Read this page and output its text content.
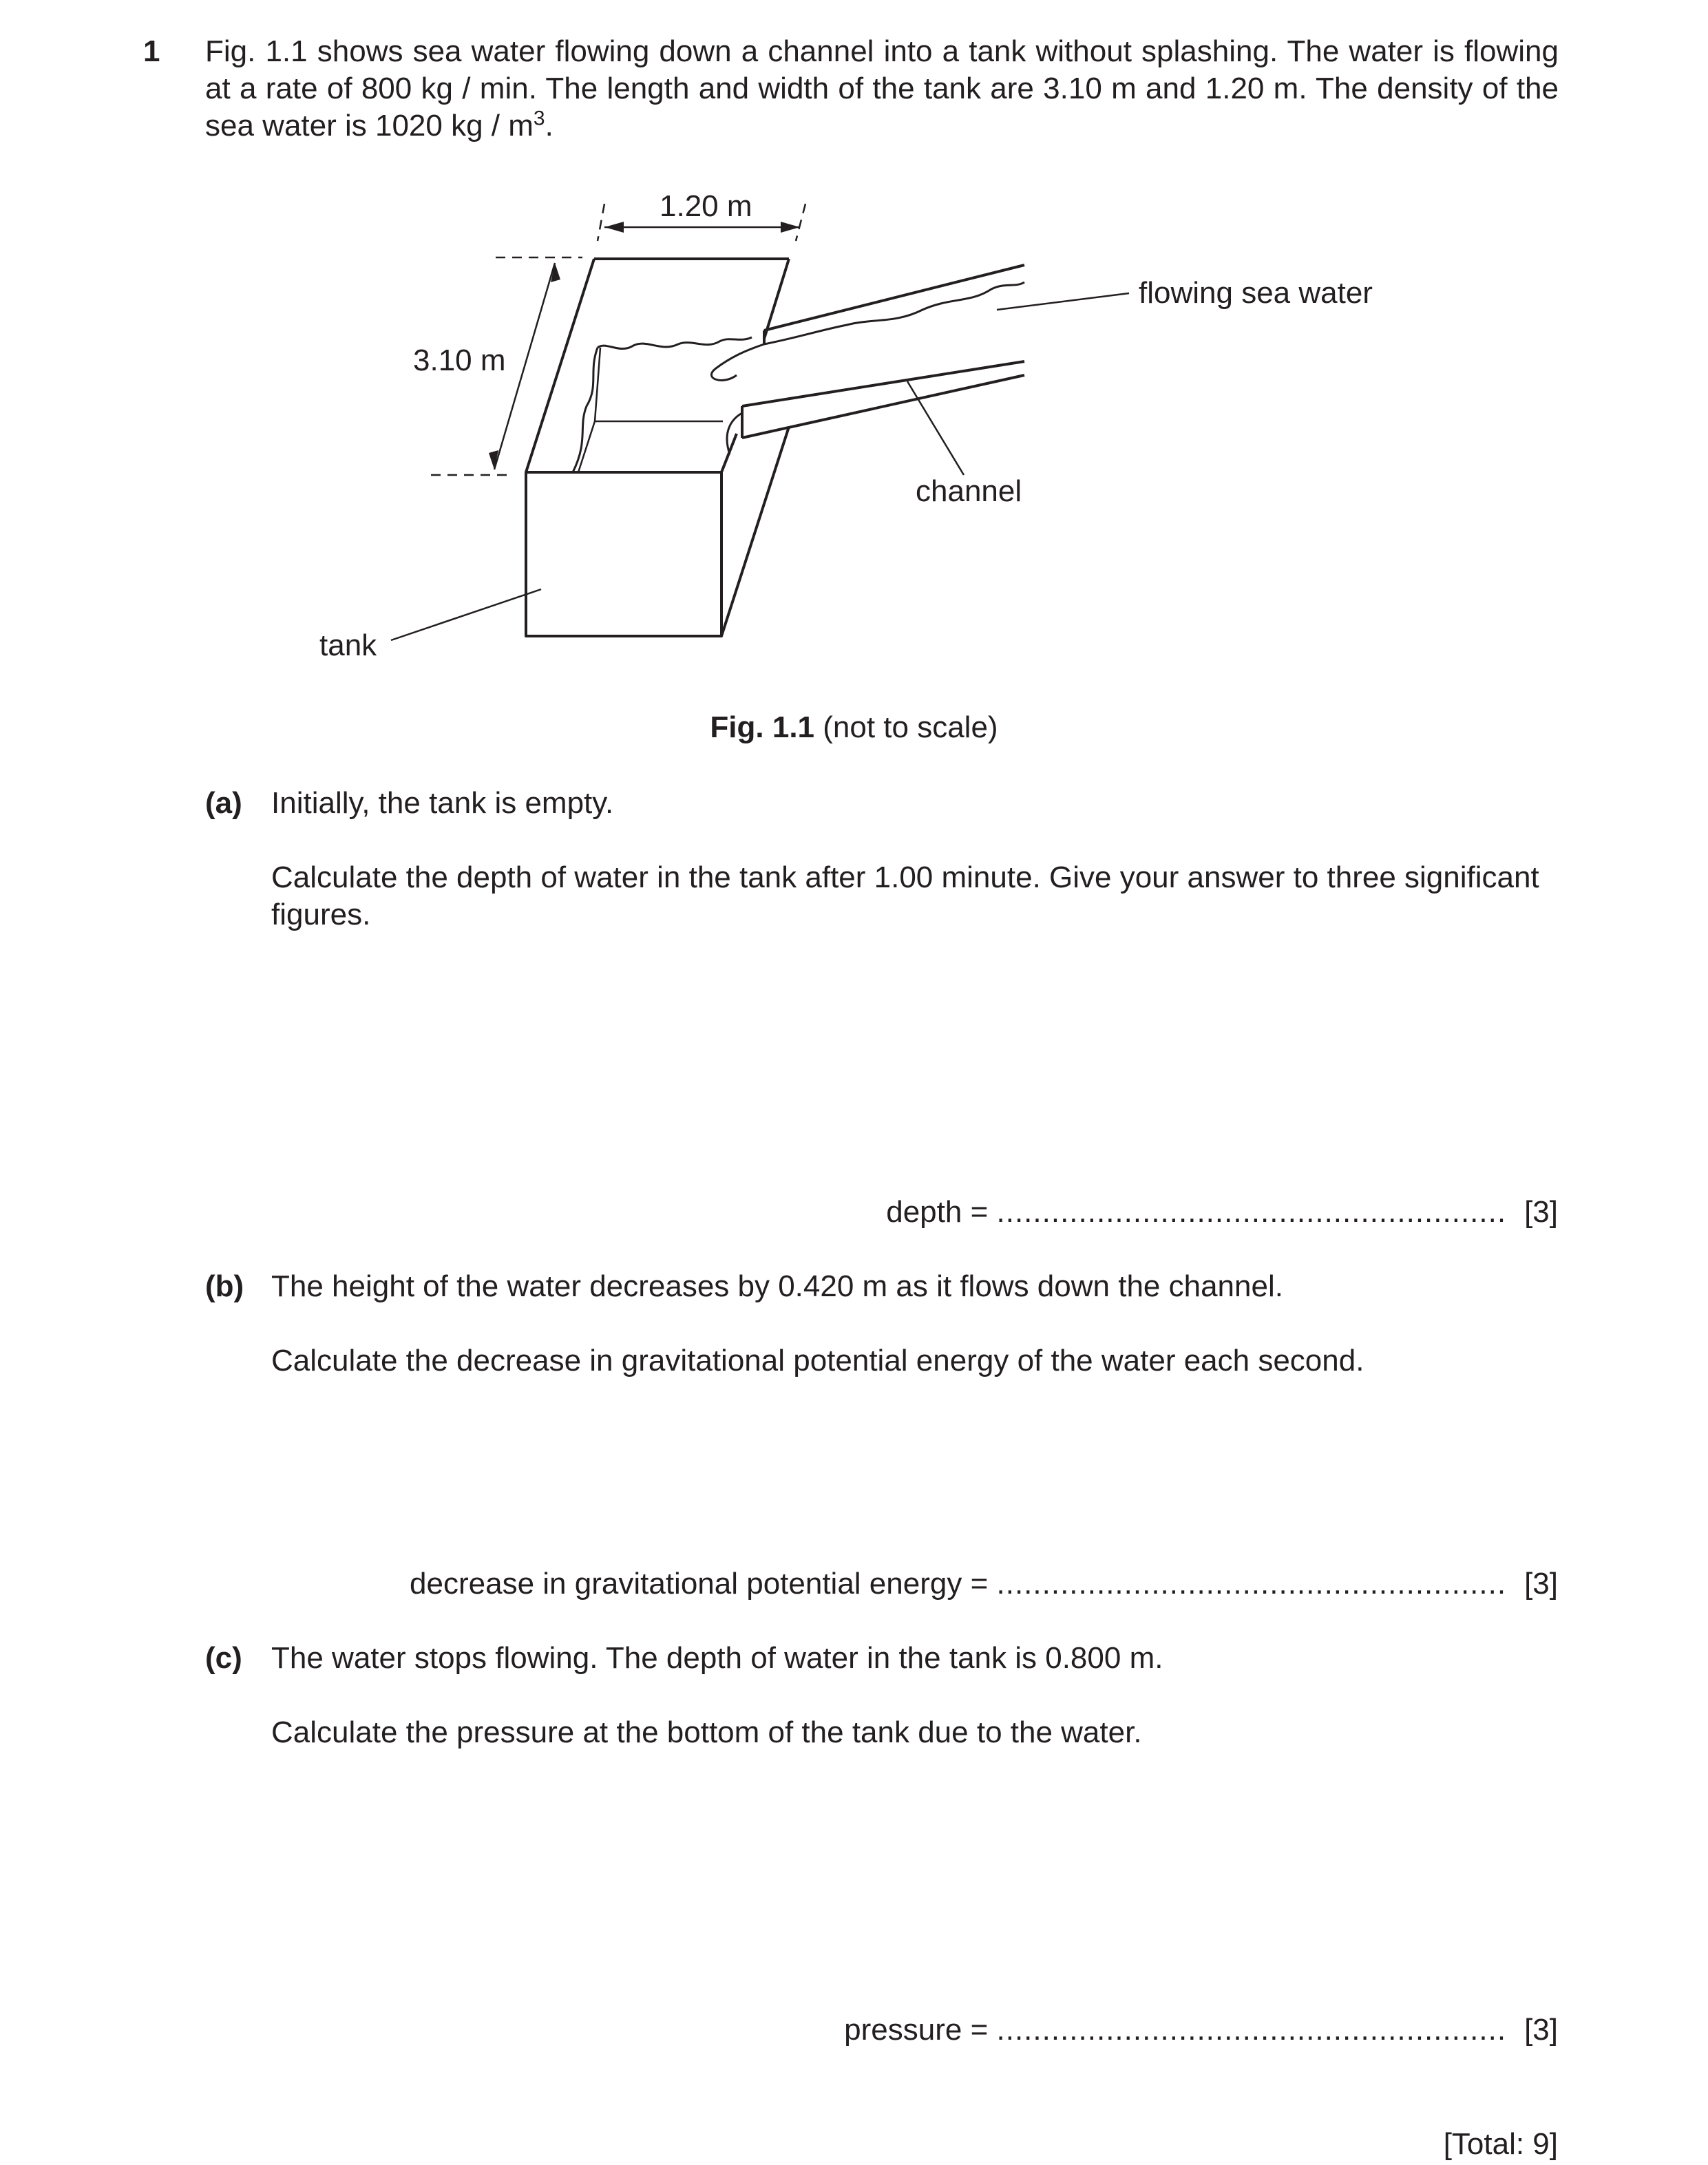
1 Fig. 1.1 shows sea water flowing down a channel into a tank without splashing. The water is flowing at a rate of 800 kg / min. The length and width of the tank are 3.10 m and 1.20 m. The density of the sea water is 1020 kg / $m^3$.

1.20 m
3.10 m
flowing sea water
channel
tank
Fig. 1.1 (not to scale)
(a) Initially, the tank is empty.

Calculate the depth of water in the tank after 1.00 minute. Give your answer to three significant figures.

depth = ........................................................ [3]
(b) The height of the water decreases by 0.420 m as it flows down the channel.

Calculate the decrease in gravitational potential energy of the water each second.

decrease in gravitational potential energy = ........................................................ [3]
(c) The water stops flowing. The depth of water in the tank is 0.800 m.

Calculate the pressure at the bottom of the tank due to the water.

pressure = ........................................................ [3]
[Total: 9]
